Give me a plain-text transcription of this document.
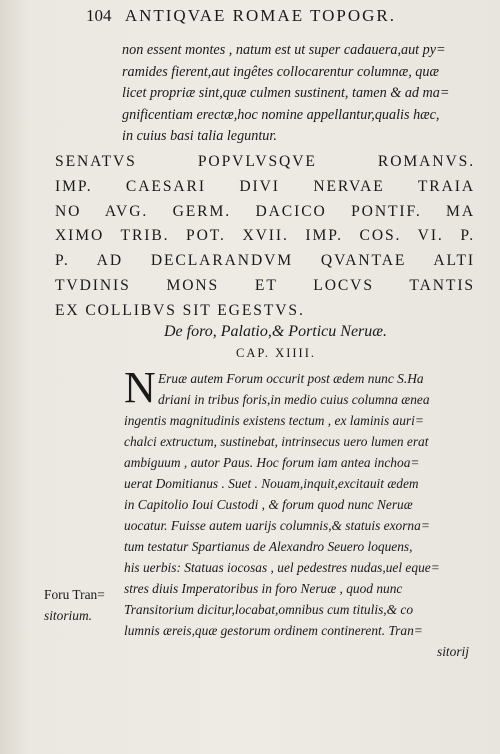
104 ANTIQVAE ROMAE TOPOGR.
non essent montes , natum est ut super cadauera,aut py=
ramides fierent,aut ingêtes collocarentur columnæ, quæ
licet propriæ sint,quæ culmen sustinent, tamen & ad ma=
gnificentiam erectæ,hoc nomine appellantur,qualis hæc,
in cuius basi talia leguntur.
SENATVS POPVLVSQVE ROMANVS.
IMP. CAESARI DIVI NERVAE TRAIA
NO AVG. GERM. DACICO PONTIF. MA
XIMO TRIB. POT. XVII. IMP. COS. VI. P.
P. AD DECLARANDVM QVANTAE ALTI
TVDINIS MONS ET LOCVS TANTIS
EX COLLIBVS SIT EGESTVS.
De foro, Palatio,& Porticu Neruæ.
CAP. XIIII.
N Eruæ autem Forum occurit post ædem nunc S.Ha
driani in tribus foris,in medio cuius columna ænea
ingentis magnitudinis existens tectum , ex laminis auri=
chalci extructum, sustinebat, intrinsecus uero lumen erat
ambiguum , autor Paus. Hoc forum iam antea inchoa=
uerat Domitianus . Suet . Nouam,inquit,excitauit ædem
in Capitolio Ioui Custodi , & forum quod nunc Neruæ
uocatur. Fuisse autem uarijs columnis,& statuis exorna=
tum testatur Spartianus de Alexandro Seuero loquens,
his uerbis: Statuas iocosas , uel pedestres nudas,uel eque=
stres diuis Imperatoribus in foro Neruæ , quod nunc
Transitorium dicitur,locabat,omnibus cum titulis,& co
lumnis æreis,quæ gestorum ordinem continerent. Tran=
sitorij
Foru Tran=
sitorium.
